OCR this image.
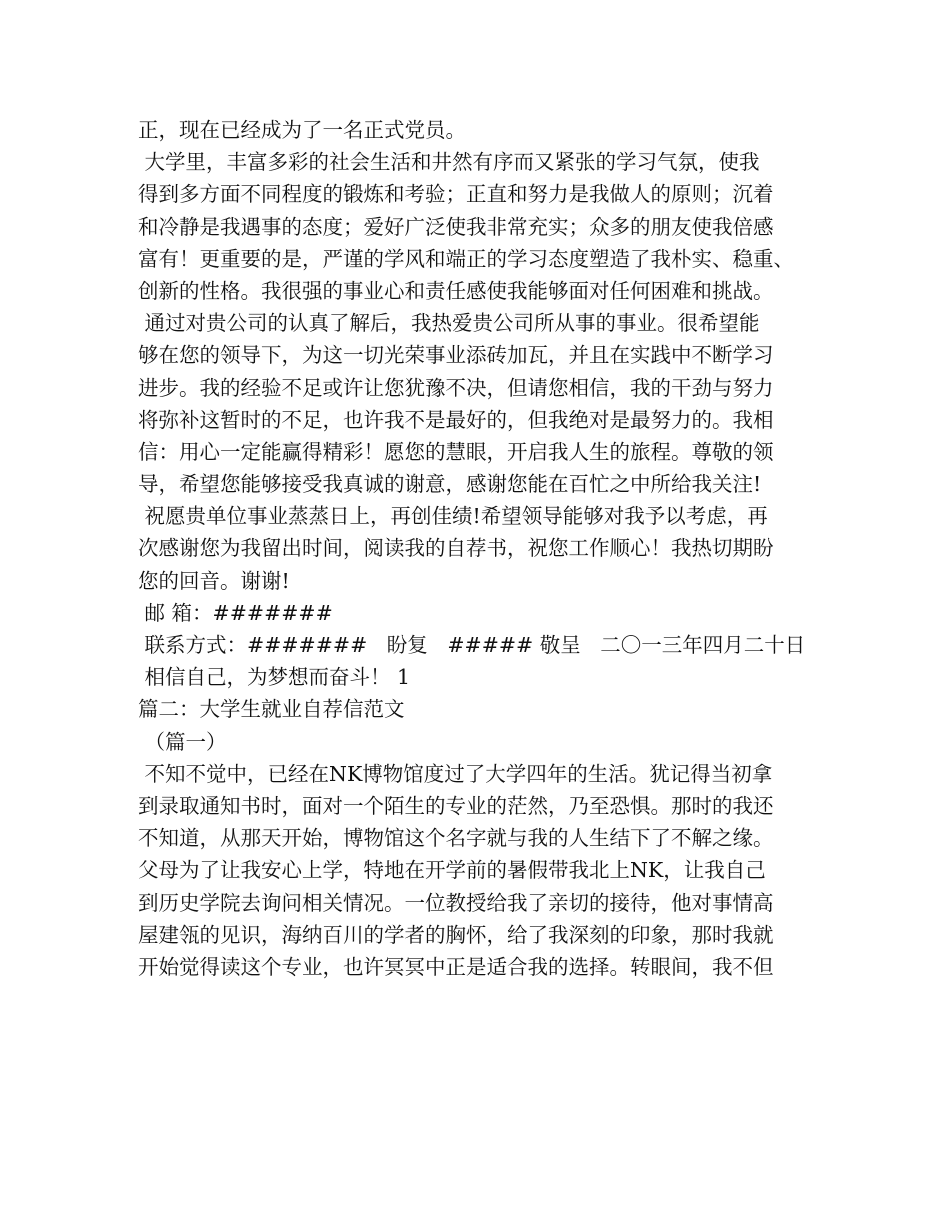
正，现在已经成为了一名正式党员。
大学里，丰富多彩的社会生活和井然有序而又紧张的学习气氛，使我
得到多方面不同程度的锻炼和考验；正直和努力是我做人的原则；沉着
和冷静是我遇事的态度；爱好广泛使我非常充实；众多的朋友使我倍感
富有！更重要的是，严谨的学风和端正的学习态度塑造了我朴实、稳重、
创新的性格。我很强的事业心和责任感使我能够面对任何困难和挑战。
通过对贵公司的认真了解后，我热爱贵公司所从事的事业。很希望能
够在您的领导下，为这一切光荣事业添砖加瓦，并且在实践中不断学习
进步。我的经验不足或许让您犹豫不决，但请您相信，我的干劲与努力
将弥补这暂时的不足，也许我不是最好的，但我绝对是最努力的。我相
信：用心一定能赢得精彩！愿您的慧眼，开启我人生的旅程。尊敬的领
导，希望您能够接受我真诚的谢意，感谢您能在百忙之中所给我关注!
祝愿贵单位事业蒸蒸日上，再创佳绩!希望领导能够对我予以考虑，再
次感谢您为我留出时间，阅读我的自荐书，祝您工作顺心！我热切期盼
您的回音。谢谢!
邮 箱：#######
联系方式：#######   盼复   ##### 敬呈   二〇一三年四月二十日
相信自己，为梦想而奋斗！ 1
篇二：大学生就业自荐信范文
（篇一）
不知不觉中，已经在NK博物馆度过了大学四年的生活。犹记得当初拿
到录取通知书时，面对一个陌生的专业的茫然，乃至恐惧。那时的我还
不知道，从那天开始，博物馆这个名字就与我的人生结下了不解之缘。
父母为了让我安心上学，特地在开学前的暑假带我北上NK，让我自己
到历史学院去询问相关情况。一位教授给我了亲切的接待，他对事情高
屋建瓴的见识，海纳百川的学者的胸怀，给了我深刻的印象，那时我就
开始觉得读这个专业，也许冥冥中正是适合我的选择。转眼间，我不但
